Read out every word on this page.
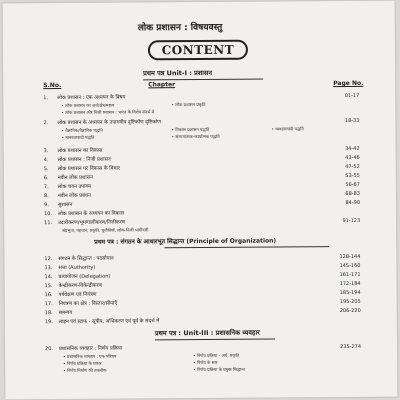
लोक प्रशासन : विषयवस्तु
CONTENT
प्रथम पत्र Unit-I : प्रशासन
S.No.	Chapter	Page No.
1. लोक प्रशासन : एक अध्ययन के विषय	01-17
• लोक प्रशासन का अर्थ/क्षेत्र/महत्व	• लोक प्रशासन प्रकृति
• लोक प्रशासन और निजी प्रशासन : भारत के विशेष संदर्भ में
2. लोक प्रशासन के अध्ययन के उपागमीय दृष्टिकोण दृष्टिकोण	18-33
• वैज्ञानिक/वैज्ञानिक पद्धति	• विकास प्रशासन पद्धति
• मानवतावादी पद्धति	• संरचनात्मक-कार्यात्मक पद्धति
• व्यवहारवादी पद्धति
3. लोक प्रशासन का विकास	34-42
4. लोक प्रशासन : निजी प्रशासन	43-46
5. लोक प्रशासन पर विकास के विचार	47-52
6. नवीन लोक प्रशासन	53-55
7. लोक चयन उपागम	56-67
8. नवीन लोक प्रबंधन	68-83
9. सुशासन	84-90
10. लोक प्रशासन के अध्ययन का विकास
11. उदारीकरण/भूमण्डलीकरण/निजीकरण	91-123
संप्रभुता, पहचान, प्रकृति, चुनौतियाँ, लोक-निजी भागीदारी
प्रथम पत्र : संगठन के आधारभूत सिद्धान्त (Principle of Organization)
12. संगठन के सिद्धान्त : पदसोपान	128-144
13. सत्ता (Authority)	145-160
14. प्रत्यायोजन (Delegation)	161-171
15. केन्द्रीकरण-विकेन्द्रीकरण	172-184
16. पर्यवेक्षण एवं नियंत्रण	185-194
17. नियंत्रण का क्षेत्र : विस्तार/सीमाएँ	195-205
18. समन्वय	206-220
19. लाइन एवं स्टाफ - सूत्रीय, अभिकरण एवं पूर्व के संदर्भ में
प्रथम पत्र : Unit-III : प्रशासनिक व्यवहार
20. प्रशासनिक व्यवहार : निर्णय प्रक्रिया	235-274
• प्रशासनिक व्यवहार : एक परिचय	• निर्णय प्रक्रिया - अर्थ, प्रकृति
• निर्णय प्रक्रिया के प्रकार	• निर्णय के स्तर
• निर्णय निर्माण की तकनीक	• निर्णय प्रक्रिया के प्रमुख सिद्धान्त
